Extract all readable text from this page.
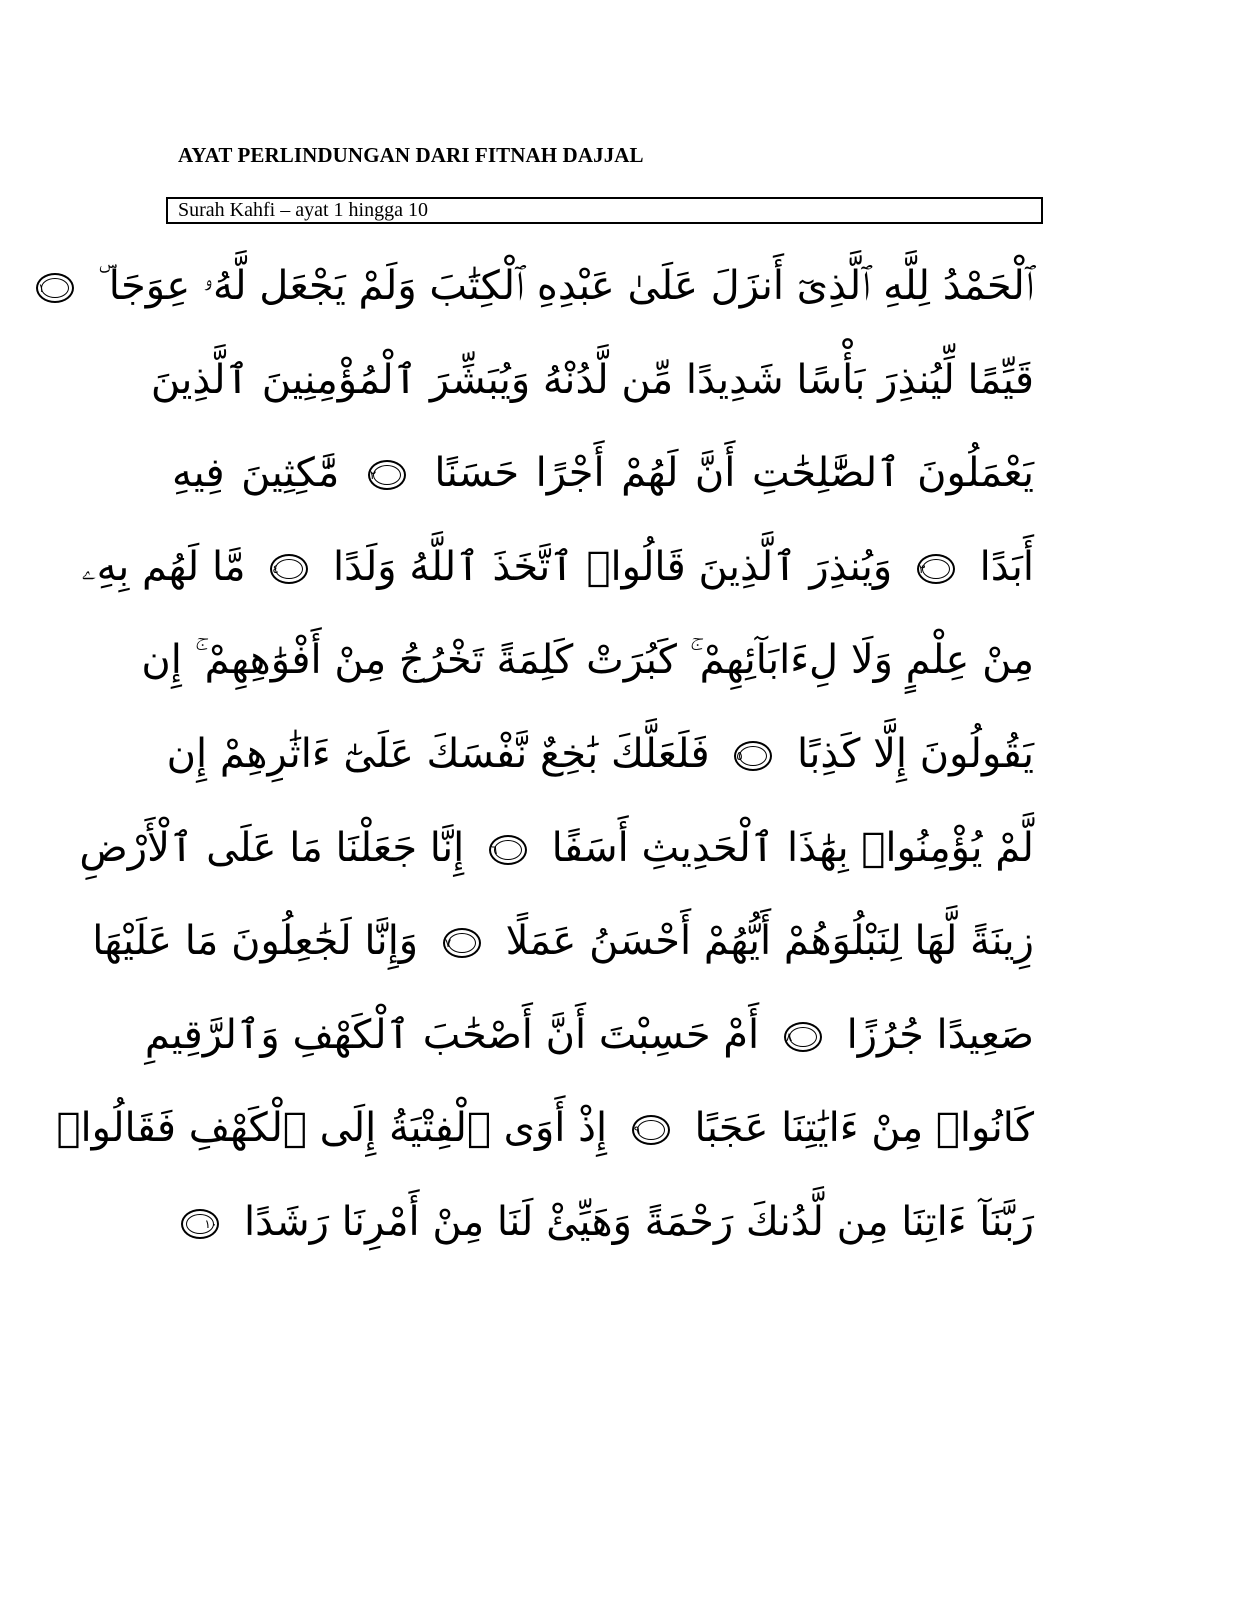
AYAT PERLINDUNGAN DARI FITNAH DAJJAL
Surah Kahfi – ayat 1 hingga 10
ٱلْحَمْدُ لِلَّهِ ٱلَّذِىٓ أَنزَلَ عَلَىٰ عَبْدِهِ ٱلْكِتَٰبَ وَلَمْ يَجْعَل لَّهُۥ عِوَجَا ۜ ١
قَيِّمًا لِّيُنذِرَ بَأْسًا شَدِيدًا مِّن لَّدُنْهُ وَيُبَشِّرَ ٱلْمُؤْمِنِينَ ٱلَّذِينَ
يَعْمَلُونَ ٱلصَّٰلِحَٰتِ أَنَّ لَهُمْ أَجْرًا حَسَنًا ٢ مَّٰكِثِينَ فِيهِ
أَبَدًا ٣ وَيُنذِرَ ٱلَّذِينَ قَالُوا۟ ٱتَّخَذَ ٱللَّهُ وَلَدًا ٤ مَّا لَهُم بِهِۦ
مِنْ عِلْمٍ وَلَا لِءَابَآئِهِمْ ۚ كَبُرَتْ كَلِمَةً تَخْرُجُ مِنْ أَفْوَٰهِهِمْ ۚ إِن
يَقُولُونَ إِلَّا كَذِبًا ٥ فَلَعَلَّكَ بَٰخِعٌ نَّفْسَكَ عَلَىٰٓ ءَاثَٰرِهِمْ إِن
لَّمْ يُؤْمِنُوا۟ بِهَٰذَا ٱلْحَدِيثِ أَسَفًا ٦ إِنَّا جَعَلْنَا مَا عَلَى ٱلْأَرْضِ
زِينَةً لَّهَا لِنَبْلُوَهُمْ أَيُّهُمْ أَحْسَنُ عَمَلًا ٧ وَإِنَّا لَجَٰعِلُونَ مَا عَلَيْهَا
صَعِيدًا جُرُزًا ٨ أَمْ حَسِبْتَ أَنَّ أَصْحَٰبَ ٱلْكَهْفِ وَٱلرَّقِيمِ
كَانُوا۟ مِنْ ءَايَٰتِنَا عَجَبًا ٩ إِذْ أَوَى ٱلْفِتْيَةُ إِلَى ٱلْكَهْفِ فَقَالُوا۟
رَبَّنَآ ءَاتِنَا مِن لَّدُنكَ رَحْمَةً وَهَيِّئْ لَنَا مِنْ أَمْرِنَا رَشَدًا ١٠
